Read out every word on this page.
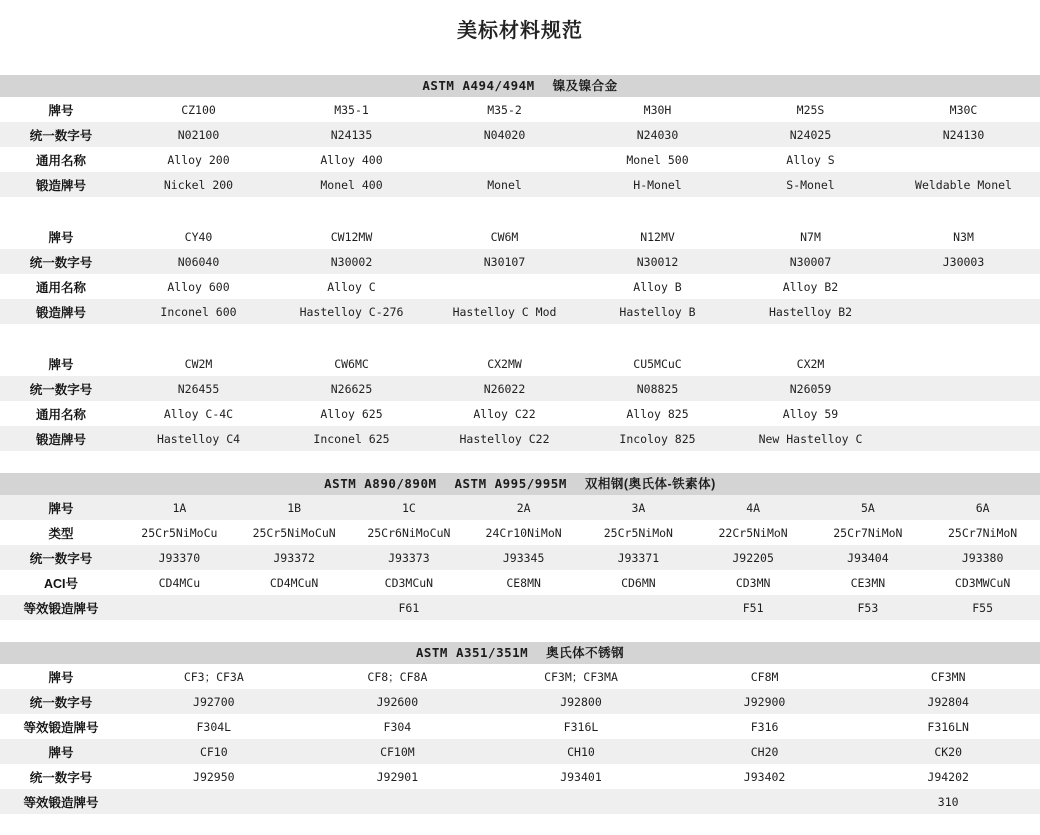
美标材料规范
ASTM A494/494M 镍及镍合金
牌号	CZ100	M35-1	M35-2	M30H	M25S	M30C
统一数字号	N02100	N24135	N04020	N24030	N24025	N24130
通用名称	Alloy 200	Alloy 400		Monel 500	Alloy S	
锻造牌号	Nickel 200	Monel 400	Monel	H-Monel	S-Monel	Weldable Monel

牌号	CY40	CW12MW	CW6M	N12MV	N7M	N3M
统一数字号	N06040	N30002	N30107	N30012	N30007	J30003
通用名称	Alloy 600	Alloy C		Alloy B	Alloy B2	
锻造牌号	Inconel 600	Hastelloy C-276	Hastelloy C Mod	Hastelloy B	Hastelloy B2	

牌号	CW2M	CW6MC	CX2MW	CU5MCuC	CX2M	
统一数字号	N26455	N26625	N26022	N08825	N26059	
通用名称	Alloy C-4C	Alloy 625	Alloy C22	Alloy 825	Alloy 59	
锻造牌号	Hastelloy C4	Inconel 625	Hastelloy C22	Incoloy 825	New Hastelloy C	
ASTM A890/890M ASTM A995/995M 双相钢(奥氏体-铁素体)
牌号	1A	1B	1C	2A	3A	4A	5A	6A
类型	25Cr5NiMoCu	25Cr5NiMoCuN	25Cr6NiMoCuN	24Cr10NiMoN	25Cr5NiMoN	22Cr5NiMoN	25Cr7NiMoN	25Cr7NiMoN
统一数字号	J93370	J93372	J93373	J93345	J93371	J92205	J93404	J93380
ACI号	CD4MCu	CD4MCuN	CD3MCuN	CE8MN	CD6MN	CD3MN	CE3MN	CD3MWCuN
等效锻造牌号			F61			F51	F53	F55
ASTM A351/351M 奥氏体不锈钢
牌号	CF3；CF3A	CF8；CF8A	CF3M；CF3MA	CF8M	CF3MN
统一数字号	J92700	J92600	J92800	J92900	J92804
等效锻造牌号	F304L	F304	F316L	F316	F316LN
牌号	CF10	CF10M	CH10	CH20	CK20
统一数字号	J92950	J92901	J93401	J93402	J94202
等效锻造牌号					310
